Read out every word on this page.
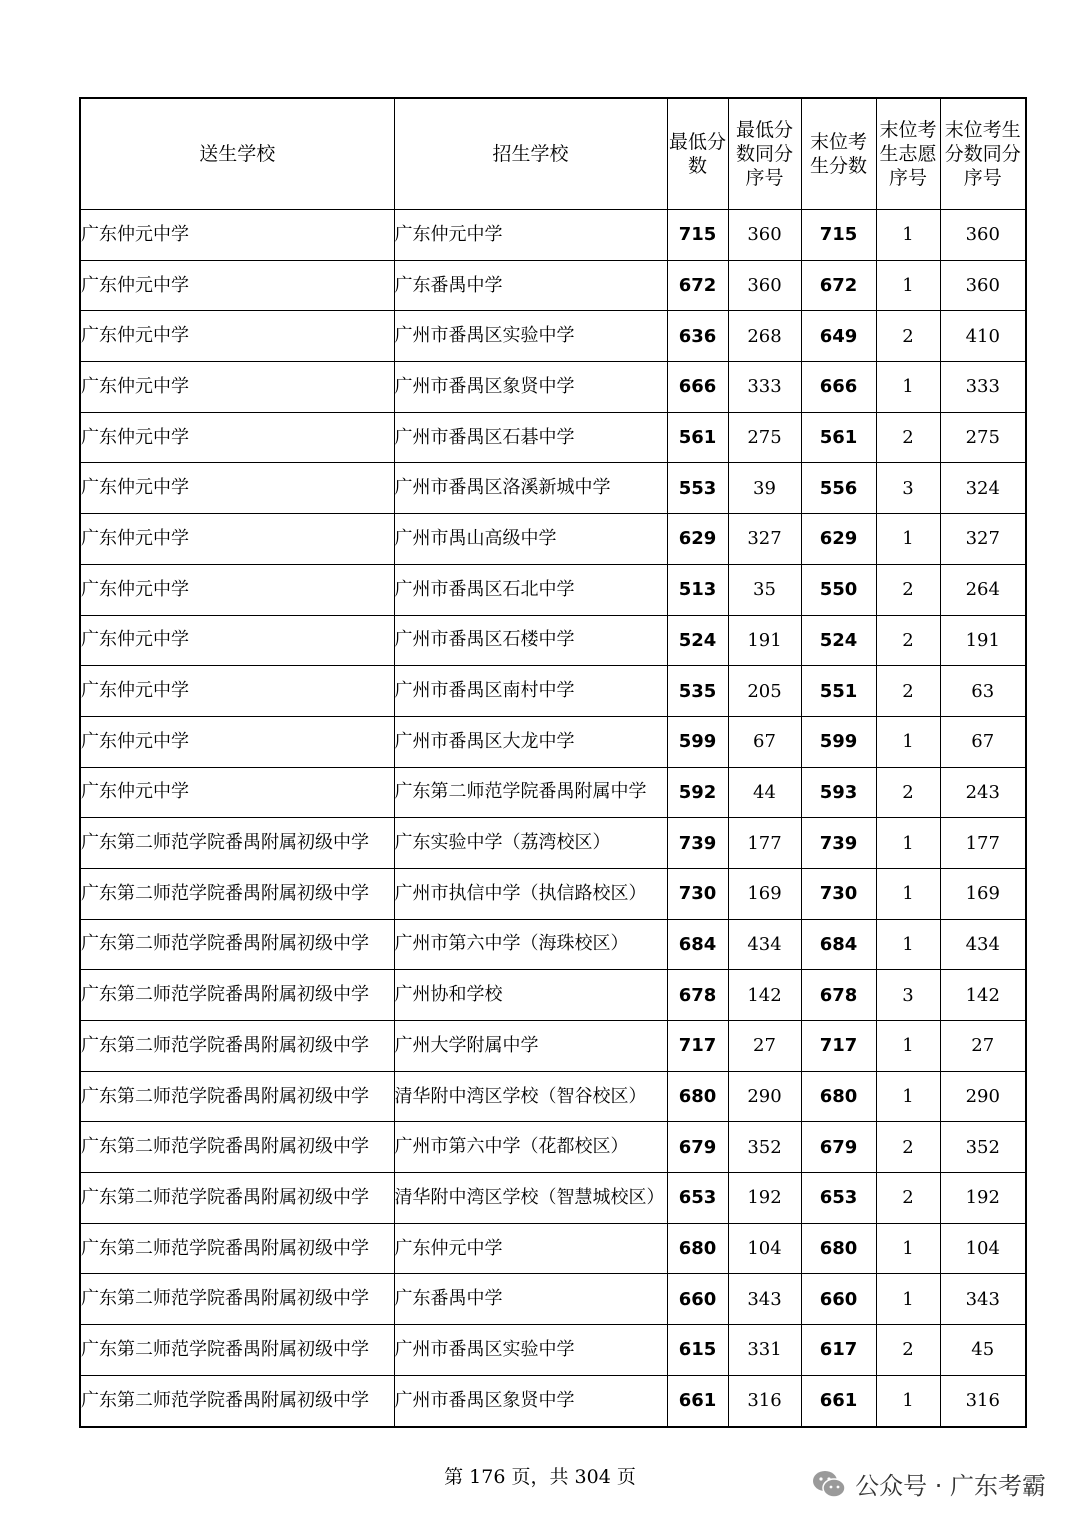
送生学校	招生学校	最低分数	最低分数同分序号	末位考生分数	末位考生志愿序号	末位考生分数同分序号
广东仲元中学	广东仲元中学	715	360	715	1	360
广东仲元中学	广东番禺中学	672	360	672	1	360
广东仲元中学	广州市番禺区实验中学	636	268	649	2	410
广东仲元中学	广州市番禺区象贤中学	666	333	666	1	333
广东仲元中学	广州市番禺区石碁中学	561	275	561	2	275
广东仲元中学	广州市番禺区洛溪新城中学	553	39	556	3	324
广东仲元中学	广州市禺山高级中学	629	327	629	1	327
广东仲元中学	广州市番禺区石北中学	513	35	550	2	264
广东仲元中学	广州市番禺区石楼中学	524	191	524	2	191
广东仲元中学	广州市番禺区南村中学	535	205	551	2	63
广东仲元中学	广州市番禺区大龙中学	599	67	599	1	67
广东仲元中学	广东第二师范学院番禺附属中学	592	44	593	2	243
广东第二师范学院番禺附属初级中学	广东实验中学（荔湾校区）	739	177	739	1	177
广东第二师范学院番禺附属初级中学	广州市执信中学（执信路校区）	730	169	730	1	169
广东第二师范学院番禺附属初级中学	广州市第六中学（海珠校区）	684	434	684	1	434
广东第二师范学院番禺附属初级中学	广州协和学校	678	142	678	3	142
广东第二师范学院番禺附属初级中学	广州大学附属中学	717	27	717	1	27
广东第二师范学院番禺附属初级中学	清华附中湾区学校（智谷校区）	680	290	680	1	290
广东第二师范学院番禺附属初级中学	广州市第六中学（花都校区）	679	352	679	2	352
广东第二师范学院番禺附属初级中学	清华附中湾区学校（智慧城校区）	653	192	653	2	192
广东第二师范学院番禺附属初级中学	广东仲元中学	680	104	680	1	104
广东第二师范学院番禺附属初级中学	广东番禺中学	660	343	660	1	343
广东第二师范学院番禺附属初级中学	广州市番禺区实验中学	615	331	617	2	45
广东第二师范学院番禺附属初级中学	广州市番禺区象贤中学	661	316	661	1	316
第 176 页，共 304 页	公众号 · 广东考霸
